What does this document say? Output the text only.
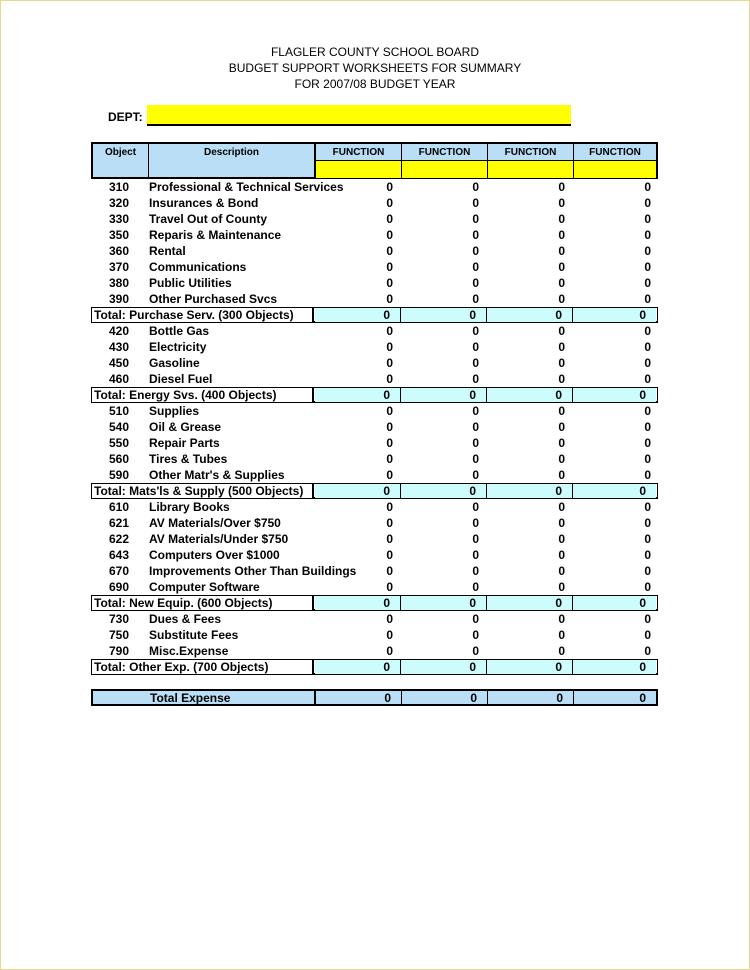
FLAGLER COUNTY SCHOOL BOARD
BUDGET SUPPORT WORKSHEETS FOR SUMMARY
FOR 2007/08 BUDGET YEAR
DEPT:
Object	Description	FUNCTION	FUNCTION	FUNCTION	FUNCTION
310 Professional & Technical Services	0	0	0	0
320 Insurances & Bond	0	0	0	0
330 Travel Out of County	0	0	0	0
350 Reparis & Maintenance	0	0	0	0
360 Rental	0	0	0	0
370 Communications	0	0	0	0
380 Public Utilities	0	0	0	0
390 Other Purchased Svcs	0	0	0	0
Total: Purchase Serv. (300 Objects)	0	0	0	0
420 Bottle Gas	0	0	0	0
430 Electricity	0	0	0	0
450 Gasoline	0	0	0	0
460 Diesel Fuel	0	0	0	0
Total: Energy Svs. (400 Objects)	0	0	0	0
510 Supplies	0	0	0	0
540 Oil & Grease	0	0	0	0
550 Repair Parts	0	0	0	0
560 Tires & Tubes	0	0	0	0
590 Other Matr's & Supplies	0	0	0	0
Total: Mats'ls & Supply (500 Objects)	0	0	0	0
610 Library Books	0	0	0	0
621 AV Materials/Over $750	0	0	0	0
622 AV Materials/Under $750	0	0	0	0
643 Computers Over $1000	0	0	0	0
670 Improvements Other Than Buildings	0	0	0	0
690 Computer Software	0	0	0	0
Total: New Equip. (600 Objects)	0	0	0	0
730 Dues & Fees	0	0	0	0
750 Substitute Fees	0	0	0	0
790 Misc.Expense	0	0	0	0
Total: Other Exp. (700 Objects)	0	0	0	0
Total Expense	0	0	0	0
